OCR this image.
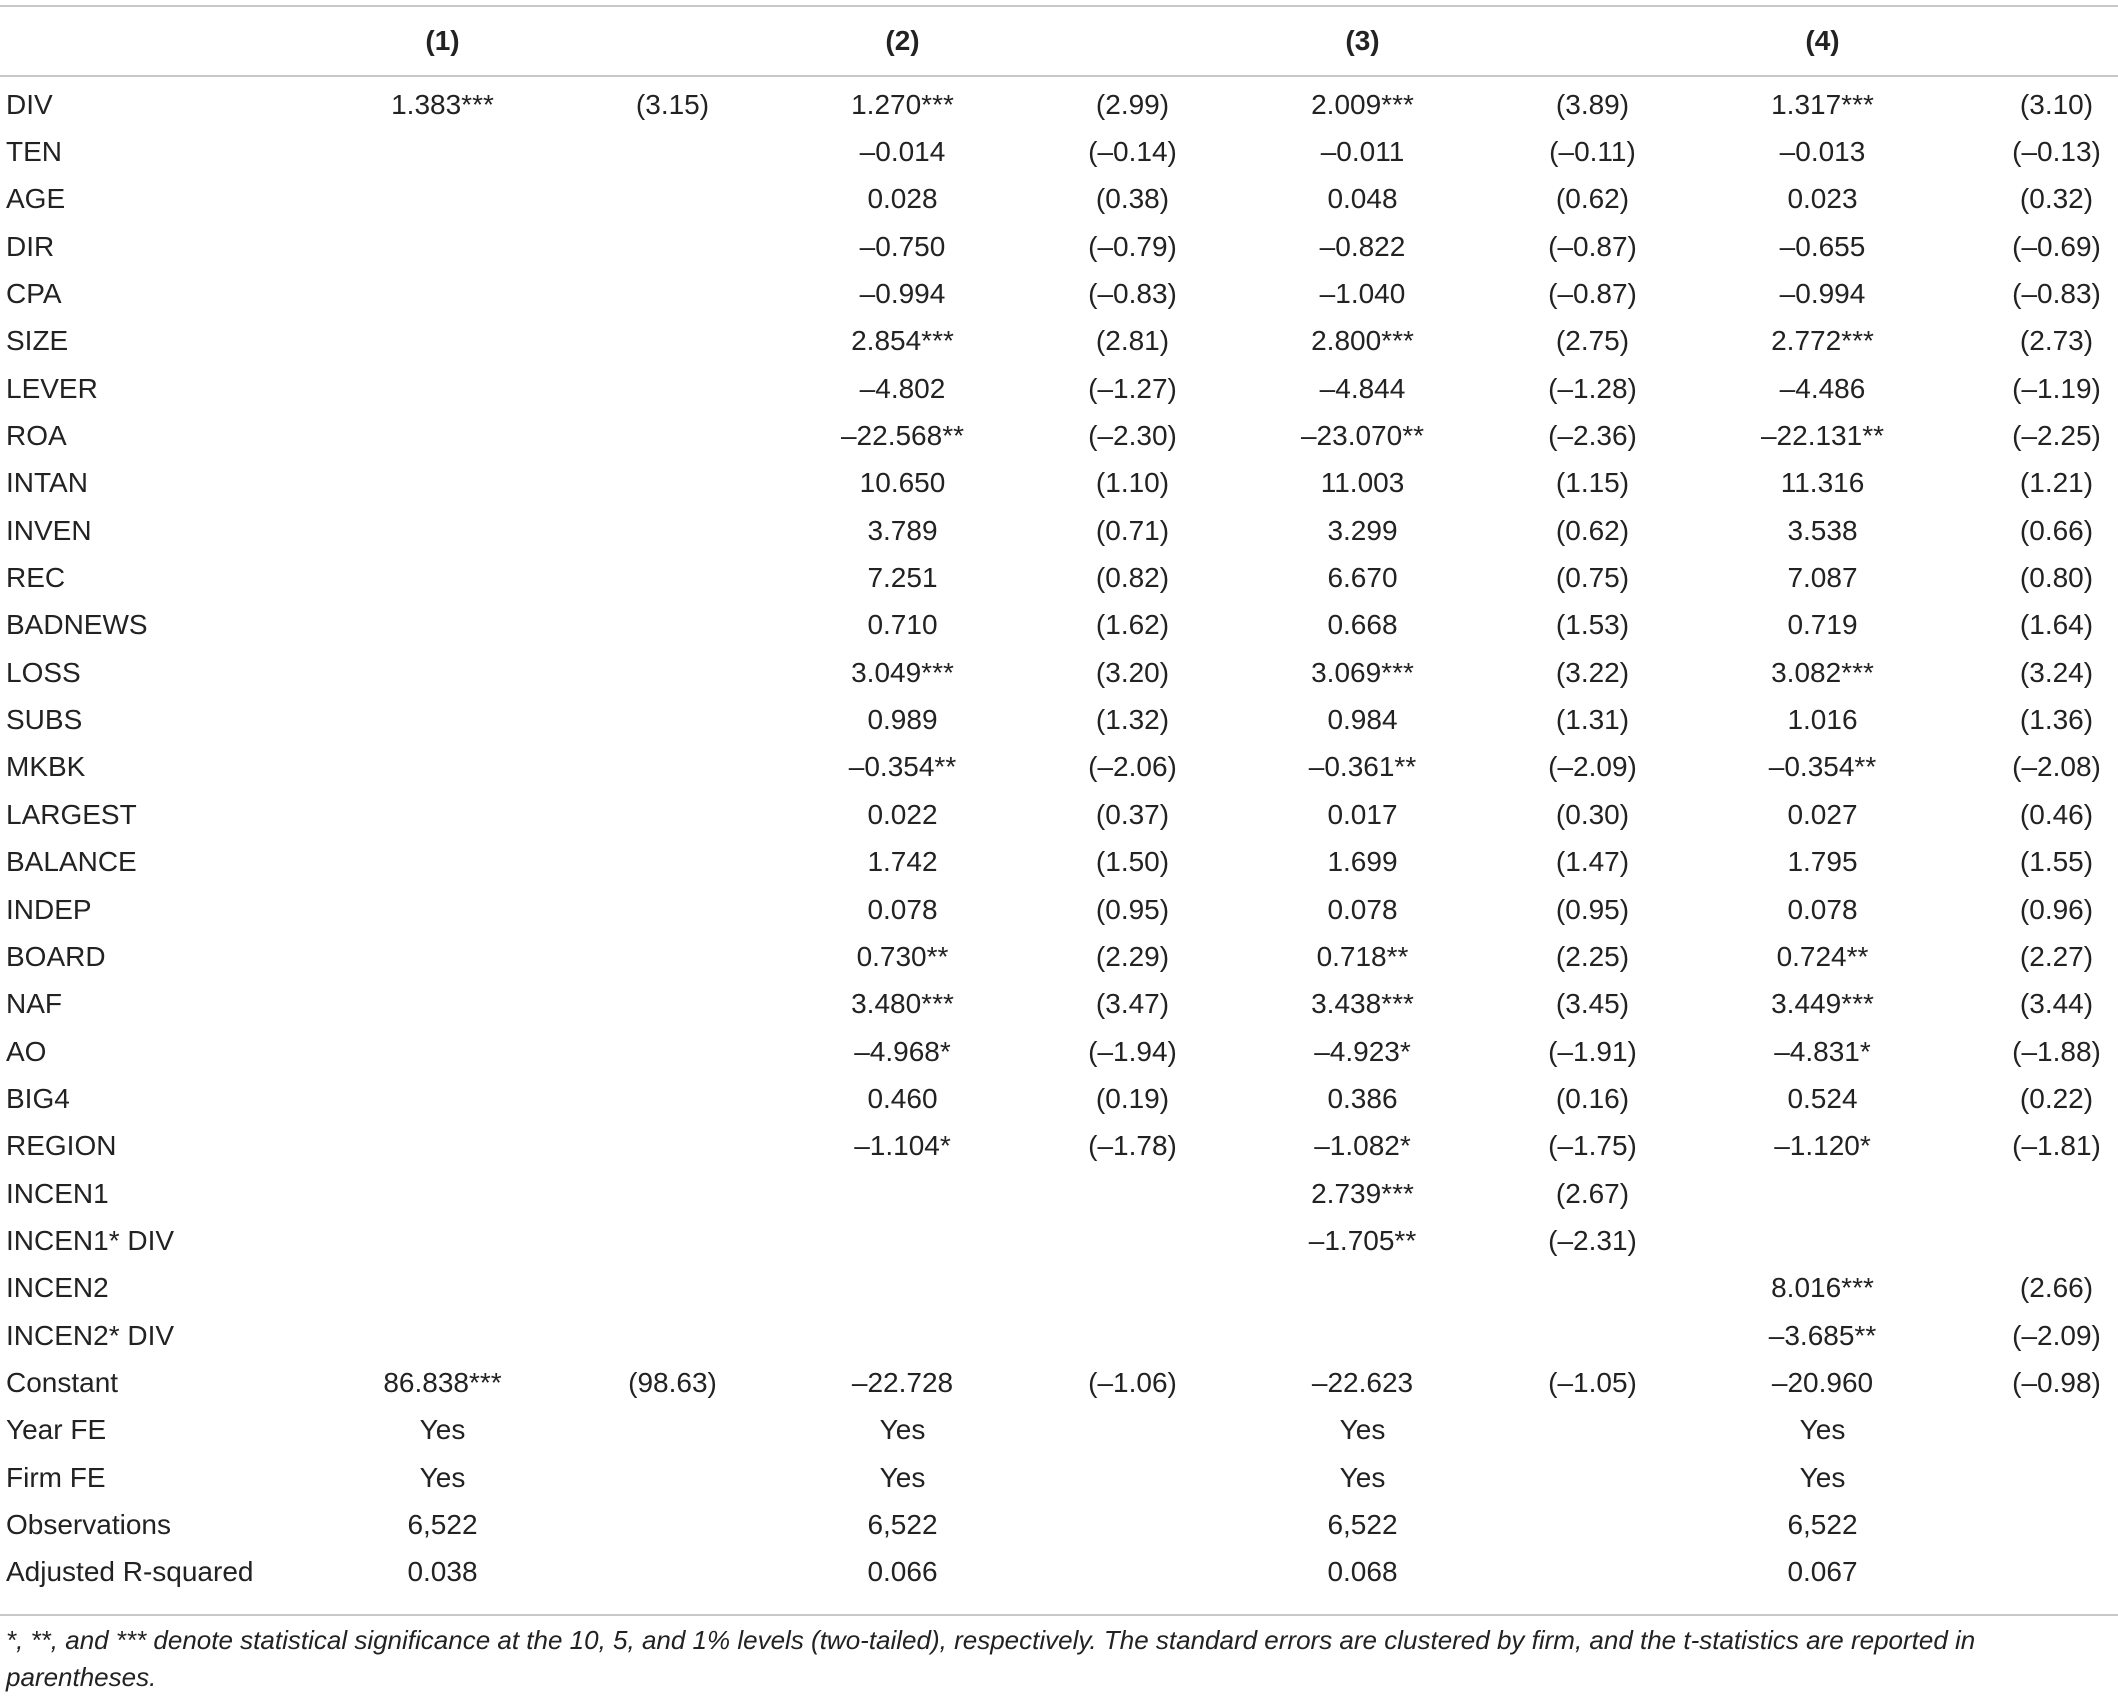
	(1)		(2)		(3)		(4)	
DIV	1.383***	(3.15)	1.270***	(2.99)	2.009***	(3.89)	1.317***	(3.10)
TEN			–0.014	(–0.14)	–0.011	(–0.11)	–0.013	(–0.13)
AGE			0.028	(0.38)	0.048	(0.62)	0.023	(0.32)
DIR			–0.750	(–0.79)	–0.822	(–0.87)	–0.655	(–0.69)
CPA			–0.994	(–0.83)	–1.040	(–0.87)	–0.994	(–0.83)
SIZE			2.854***	(2.81)	2.800***	(2.75)	2.772***	(2.73)
LEVER			–4.802	(–1.27)	–4.844	(–1.28)	–4.486	(–1.19)
ROA			–22.568**	(–2.30)	–23.070**	(–2.36)	–22.131**	(–2.25)
INTAN			10.650	(1.10)	11.003	(1.15)	11.316	(1.21)
INVEN			3.789	(0.71)	3.299	(0.62)	3.538	(0.66)
REC			7.251	(0.82)	6.670	(0.75)	7.087	(0.80)
BADNEWS			0.710	(1.62)	0.668	(1.53)	0.719	(1.64)
LOSS			3.049***	(3.20)	3.069***	(3.22)	3.082***	(3.24)
SUBS			0.989	(1.32)	0.984	(1.31)	1.016	(1.36)
MKBK			–0.354**	(–2.06)	–0.361**	(–2.09)	–0.354**	(–2.08)
LARGEST			0.022	(0.37)	0.017	(0.30)	0.027	(0.46)
BALANCE			1.742	(1.50)	1.699	(1.47)	1.795	(1.55)
INDEP			0.078	(0.95)	0.078	(0.95)	0.078	(0.96)
BOARD			0.730**	(2.29)	0.718**	(2.25)	0.724**	(2.27)
NAF			3.480***	(3.47)	3.438***	(3.45)	3.449***	(3.44)
AO			–4.968*	(–1.94)	–4.923*	(–1.91)	–4.831*	(–1.88)
BIG4			0.460	(0.19)	0.386	(0.16)	0.524	(0.22)
REGION			–1.104*	(–1.78)	–1.082*	(–1.75)	–1.120*	(–1.81)
INCEN1					2.739***	(2.67)		
INCEN1* DIV					–1.705**	(–2.31)		
INCEN2							8.016***	(2.66)
INCEN2* DIV							–3.685**	(–2.09)
Constant	86.838***	(98.63)	–22.728	(–1.06)	–22.623	(–1.05)	–20.960	(–0.98)
Year FE	Yes		Yes		Yes		Yes	
Firm FE	Yes		Yes		Yes		Yes	
Observations	6,522		6,522		6,522		6,522	
Adjusted R-squared	0.038		0.066		0.068		0.067	
*, **, and *** denote statistical significance at the 10, 5, and 1% levels (two-tailed), respectively. The standard errors are clustered by firm, and the t-statistics are reported in parentheses.
